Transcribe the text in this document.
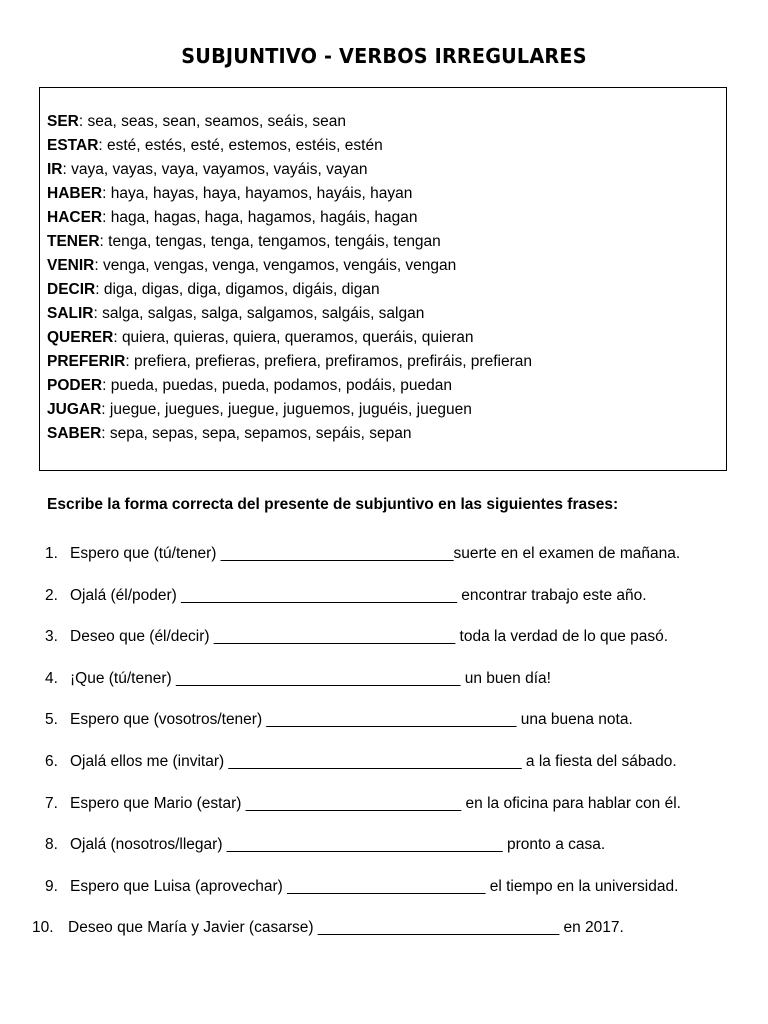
SUBJUNTIVO - VERBOS IRREGULARES
SER: sea, seas, sean, seamos, seáis, sean
ESTAR: esté, estés, esté, estemos, estéis, estén
IR: vaya, vayas, vaya, vayamos, vayáis, vayan
HABER: haya, hayas, haya, hayamos, hayáis, hayan
HACER: haga, hagas, haga, hagamos, hagáis, hagan
TENER: tenga, tengas, tenga, tengamos, tengáis, tengan
VENIR: venga, vengas, venga, vengamos, vengáis, vengan
DECIR: diga, digas, diga, digamos, digáis, digan
SALIR: salga, salgas, salga, salgamos, salgáis, salgan
QUERER: quiera, quieras, quiera, queramos, queráis, quieran
PREFERIR: prefiera, prefieras, prefiera, prefiramos, prefiráis, prefieran
PODER: pueda, puedas, pueda, podamos, podáis, puedan
JUGAR: juegue, juegues, juegue, juguemos, juguéis, jueguen
SABER: sepa, sepas, sepa, sepamos, sepáis, sepan
Escribe la forma correcta del presente de subjuntivo en las siguientes frases:
1. Espero que (tú/tener) ___________________________suerte en el examen de mañana.
2. Ojalá (él/poder) ________________________________ encontrar trabajo este año.
3. Deseo que (él/decir) ____________________________ toda la verdad de lo que pasó.
4. ¡Que (tú/tener) _________________________________ un buen día!
5. Espero que (vosotros/tener) _____________________________ una buena nota.
6. Ojalá ellos me (invitar) __________________________________ a la fiesta del sábado.
7. Espero que Mario (estar) _________________________ en la oficina para hablar con él.
8. Ojalá (nosotros/llegar) ________________________________ pronto a casa.
9. Espero que Luisa (aprovechar) _______________________ el tiempo en la universidad.
10. Deseo que María y Javier (casarse) ____________________________ en 2017.
